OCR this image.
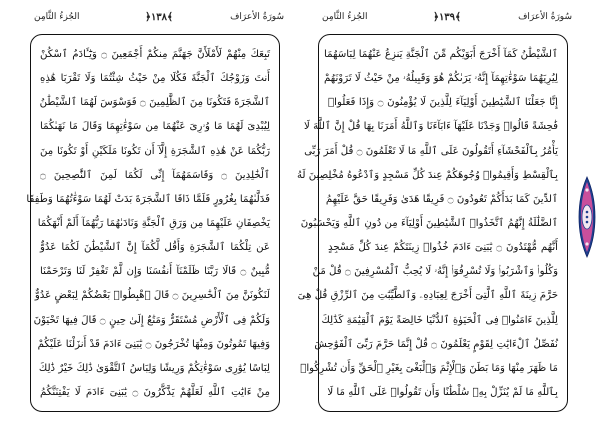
الجُزءُ الثَّامِن	﴿١٣٨﴾	سُورَةُ الأعرَاف
تَبِعَكَ مِنْهُمْ لَأَمْلَأَنَّ جَهَنَّمَ مِنكُمْ أَجْمَعِينَ ۝ وَيَٰٓـَٔادَمُ ٱسْكُنْ
أَنتَ وَزَوْجُكَ ٱلْجَنَّةَ فَكُلَا مِنْ حَيْثُ شِئْتُمَا وَلَا تَقْرَبَا هَٰذِهِ
ٱلشَّجَرَةَ فَتَكُونَا مِنَ ٱلظَّٰلِمِينَ ۝ فَوَسْوَسَ لَهُمَا ٱلشَّيْطَٰنُ
لِيُبْدِىَ لَهُمَا مَا وُۥرِىَ عَنْهُمَا مِن سَوْءَٰتِهِمَا وَقَالَ مَا نَهَىٰكُمَا
رَبُّكُمَا عَنْ هَٰذِهِ ٱلشَّجَرَةِ إِلَّآ أَن تَكُونَا مَلَكَيْنِ أَوْ تَكُونَا مِنَ
ٱلْخَٰلِدِينَ ۝ وَقَاسَمَهُمَآ إِنِّى لَكُمَا لَمِنَ ٱلنَّٰصِحِينَ ۝
فَدَلَّىٰهُمَا بِغُرُورٍ فَلَمَّا ذَاقَا ٱلشَّجَرَةَ بَدَتْ لَهُمَا سَوْءَٰتُهُمَا وَطَفِقَا
يَخْصِفَانِ عَلَيْهِمَا مِن وَرَقِ ٱلْجَنَّةِ وَنَادَىٰهُمَا رَبُّهُمَآ أَلَمْ أَنْهَكُمَا
عَن تِلْكُمَا ٱلشَّجَرَةِ وَأَقُل لَّكُمَآ إِنَّ ٱلشَّيْطَٰنَ لَكُمَا عَدُوٌّ
مُّبِينٌ ۝ قَالَا رَبَّنَا ظَلَمْنَآ أَنفُسَنَا وَإِن لَّمْ تَغْفِرْ لَنَا وَتَرْحَمْنَا
لَنَكُونَنَّ مِنَ ٱلْخَٰسِرِينَ ۝ قَالَ ٱهْبِطُوا۟ بَعْضُكُمْ لِبَعْضٍ عَدُوٌّ
وَلَكُمْ فِى ٱلْأَرْضِ مُسْتَقَرٌّ وَمَتَٰعٌ إِلَىٰ حِينٍ ۝ قَالَ فِيهَا تَحْيَوْنَ
وَفِيهَا تَمُوتُونَ وَمِنْهَا تُخْرَجُونَ ۝ يَٰبَنِىٓ ءَادَمَ قَدْ أَنزَلْنَا عَلَيْكُمْ
لِبَاسًا يُوَٰرِى سَوْءَٰتِكُمْ وَرِيشًا وَلِبَاسُ ٱلتَّقْوَىٰ ذَٰلِكَ خَيْرٌ ذَٰلِكَ
مِنْ ءَايَٰتِ ٱللَّهِ لَعَلَّهُمْ يَذَّكَّرُونَ ۝ يَٰبَنِىٓ ءَادَمَ لَا يَفْتِنَنَّكُمُ
الجُزءُ الثَّامِن	﴿١٣٩﴾	سُورَةُ الأعرَاف
ٱلشَّيْطَٰنُ كَمَآ أَخْرَجَ أَبَوَيْكُم مِّنَ ٱلْجَنَّةِ يَنزِعُ عَنْهُمَا لِبَاسَهُمَا
لِيُرِيَهُمَا سَوْءَٰتِهِمَآ إِنَّهُۥ يَرَىٰكُمْ هُوَ وَقَبِيلُهُۥ مِنْ حَيْثُ لَا تَرَوْنَهُمْ
إِنَّا جَعَلْنَا ٱلشَّيَٰطِينَ أَوْلِيَآءَ لِلَّذِينَ لَا يُؤْمِنُونَ ۝ وَإِذَا فَعَلُوا۟
فَٰحِشَةً قَالُوا۟ وَجَدْنَا عَلَيْهَآ ءَابَآءَنَا وَٱللَّهُ أَمَرَنَا بِهَا قُلْ إِنَّ ٱللَّهَ لَا
يَأْمُرُ بِٱلْفَحْشَآءِ أَتَقُولُونَ عَلَى ٱللَّهِ مَا لَا تَعْلَمُونَ ۝ قُلْ أَمَرَ رَبِّى
بِٱلْقِسْطِ وَأَقِيمُوا۟ وُجُوهَكُمْ عِندَ كُلِّ مَسْجِدٍ وَٱدْعُوهُ مُخْلِصِينَ لَهُ
ٱلدِّينَ كَمَا بَدَأَكُمْ تَعُودُونَ ۝ فَرِيقًا هَدَىٰ وَفَرِيقًا حَقَّ عَلَيْهِمُ
ٱلضَّلَٰلَةُ إِنَّهُمُ ٱتَّخَذُوا۟ ٱلشَّيَٰطِينَ أَوْلِيَآءَ مِن دُونِ ٱللَّهِ وَيَحْسَبُونَ
أَنَّهُم مُّهْتَدُونَ ۝ يَٰبَنِىٓ ءَادَمَ خُذُوا۟ زِينَتَكُمْ عِندَ كُلِّ مَسْجِدٍ
وَكُلُوا۟ وَٱشْرَبُوا۟ وَلَا تُسْرِفُوٓا۟ إِنَّهُۥ لَا يُحِبُّ ٱلْمُسْرِفِينَ ۝ قُلْ مَنْ
حَرَّمَ زِينَةَ ٱللَّهِ ٱلَّتِىٓ أَخْرَجَ لِعِبَادِهِۦ وَٱلطَّيِّبَٰتِ مِنَ ٱلرِّزْقِ قُلْ هِىَ
لِلَّذِينَ ءَامَنُوا۟ فِى ٱلْحَيَوٰةِ ٱلدُّنْيَا خَالِصَةً يَوْمَ ٱلْقِيَٰمَةِ كَذَٰلِكَ
نُفَصِّلُ ٱلْءَايَٰتِ لِقَوْمٍ يَعْلَمُونَ ۝ قُلْ إِنَّمَا حَرَّمَ رَبِّىَ ٱلْفَوَٰحِشَ
مَا ظَهَرَ مِنْهَا وَمَا بَطَنَ وَٱلْإِثْمَ وَٱلْبَغْىَ بِغَيْرِ ٱلْحَقِّ وَأَن تُشْرِكُوا۟
بِٱللَّهِ مَا لَمْ يُنَزِّلْ بِهِۦ سُلْطَٰنًا وَأَن تَقُولُوا۟ عَلَى ٱللَّهِ مَا لَا
